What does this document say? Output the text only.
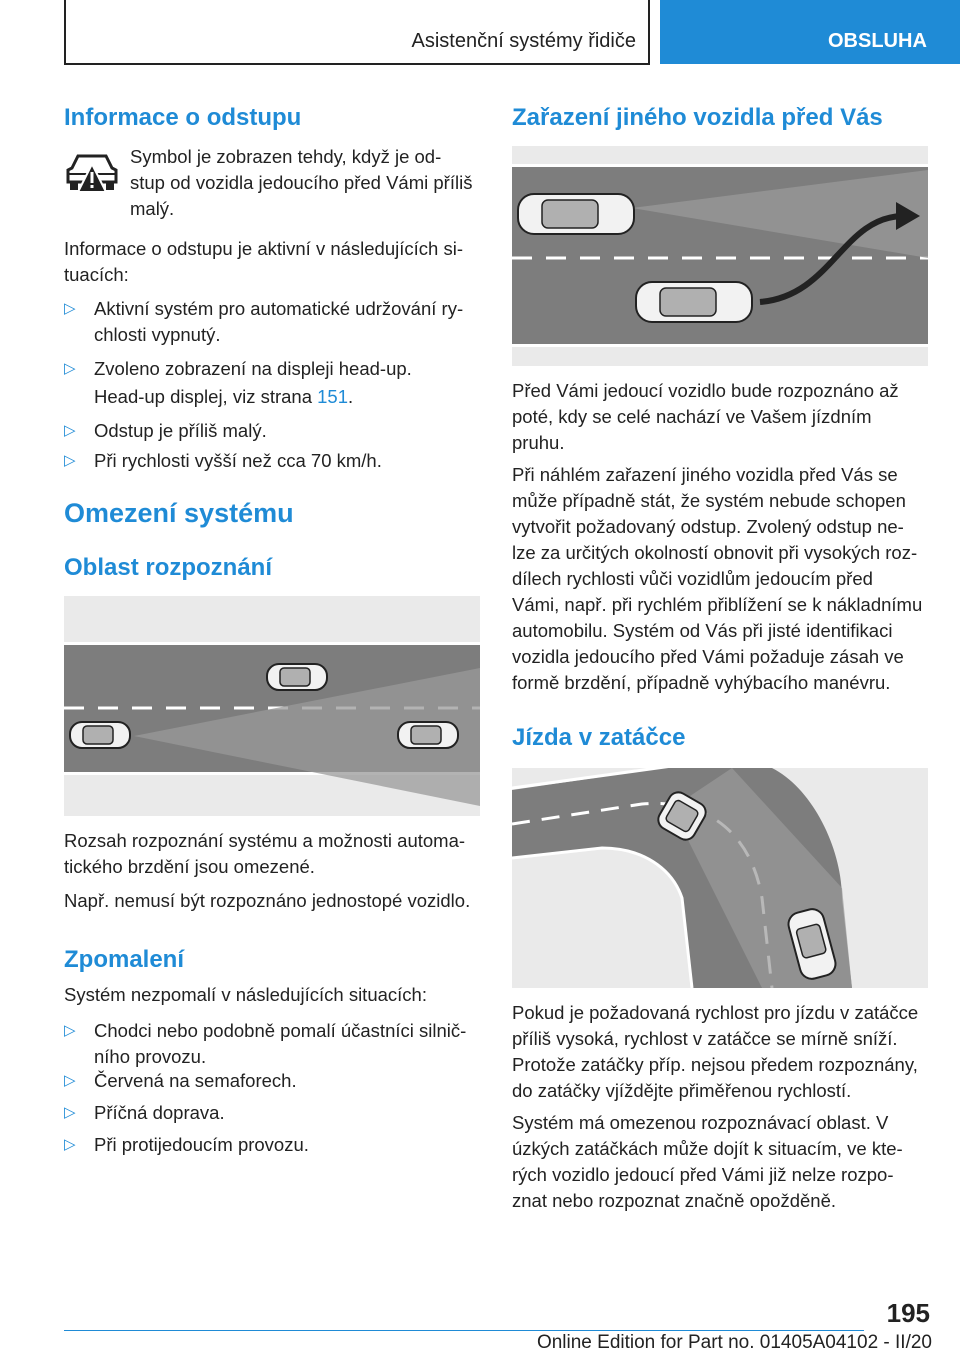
Asistenční systémy řidiče	OBSLUHA
Informace o odstupu

Symbol je zobrazen tehdy, když je od-

stup od vozidla jedoucího před Vámi příliš

malý.

Informace o odstupu je aktivní v následujících si-

tuacích:

▷ Aktivní systém pro automatické udržování ry-
chlosti vypnutý.
▷ Zvoleno zobrazení na displeji head-up.

Head-up displej, viz strana 151.

▷ Odstup je příliš malý.
▷ Při rychlosti vyšší než cca 70 km/h.
Omezení systému
Oblast rozpoznání

Rozsah rozpoznání systému a možnosti automa-

tického brzdění jsou omezené.

Např. nemusí být rozpoznáno jednostopé vozidlo.

Zpomalení

Systém nezpomalí v následujících situacích:

▷ Chodci nebo podobně pomalí účastníci silnič-
ního provozu.
▷ Červená na semaforech.
▷ Příčná doprava.
▷ Při protijedoucím provozu.
Zařazení jiného vozidla před Vás

Před Vámi jedoucí vozidlo bude rozpoznáno až

poté, kdy se celé nachází ve Vašem jízdním

pruhu.

Při náhlém zařazení jiného vozidla před Vás se

může případně stát, že systém nebude schopen

vytvořit požadovaný odstup. Zvolený odstup ne-

lze za určitých okolností obnovit při vysokých roz-

dílech rychlosti vůči vozidlům jedoucím před

Vámi, např. při rychlém přiblížení se k nákladnímu

automobilu. Systém od Vás při jisté identifikaci

vozidla jedoucího před Vámi požaduje zásah ve

formě brzdění, případně vyhýbacího manévru.

Jízda v zatáčce

Pokud je požadovaná rychlost pro jízdu v zatáčce

příliš vysoká, rychlost v zatáčce se mírně sníží.

Protože zatáčky příp. nejsou předem rozpoznány,

do zatáčky vjíždějte přiměřenou rychlostí.

Systém má omezenou rozpoznávací oblast. V

úzkých zatáčkách může dojít k situacím, ve kte-

rých vozidlo jedoucí před Vámi již nelze rozpo-

znat nebo rozpoznat značně opožděně.

195
Online Edition for Part no. 01405A04102 - II/20
